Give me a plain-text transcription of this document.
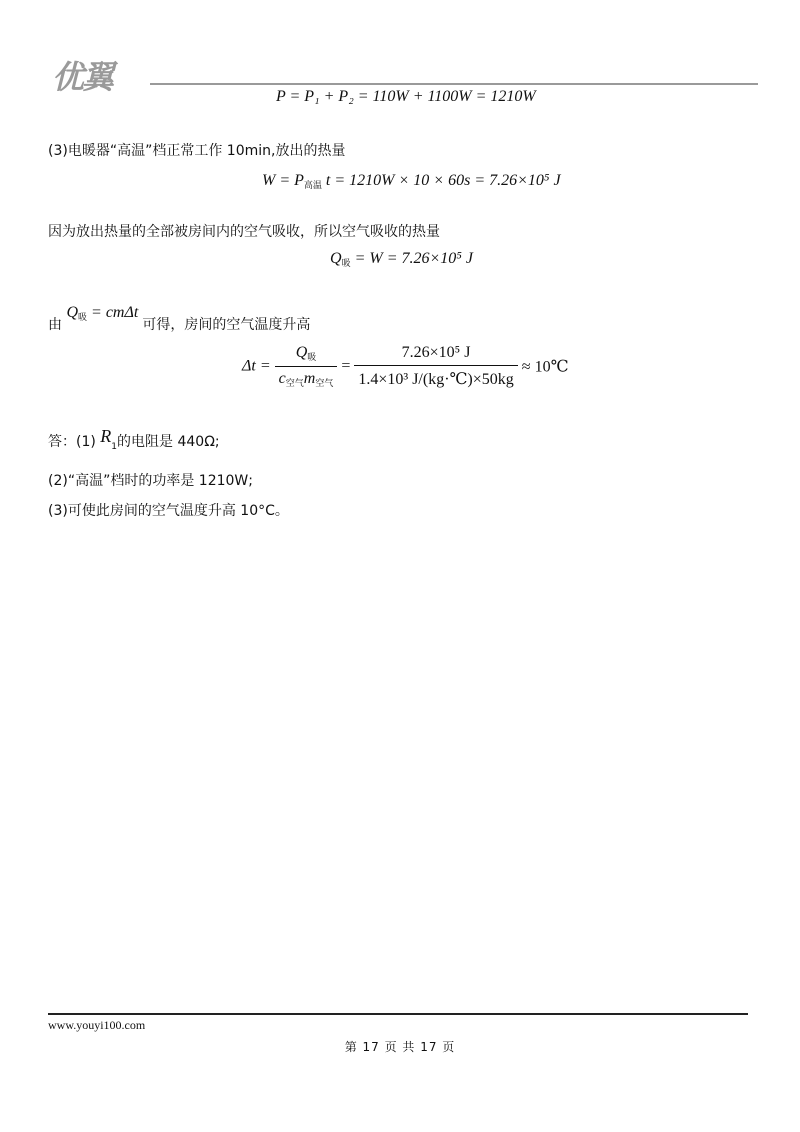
优翼
P = P₁ + P₂ = 110W + 1100W = 1210W
(3)电暖器“高温”档正常工作 10min,放出的热量
W = P高温 t = 1210W × 10 × 60s = 7.26×10⁵ J
因为放出热量的全部被房间内的空气吸收，所以空气吸收的热量
Q吸 = W = 7.26×10⁵ J
由 Q吸 = cmΔt 可得，房间的空气温度升高
$\Delta t = \frac{\text{Q吸}}{\text{c空气m空气}} = \frac{\text{7.26×10⁵ J}}{\text{1.4×10³ J/(kg·℃)×50kg}}$ ≈ 10℃
答：(1) $R_1$的电阻是 440Ω;
(2)“高温”档时的功率是 1210W;
(3)可使此房间的空气温度升高 10°C。
www.youyi100.com
第 17 页 共 17 页
